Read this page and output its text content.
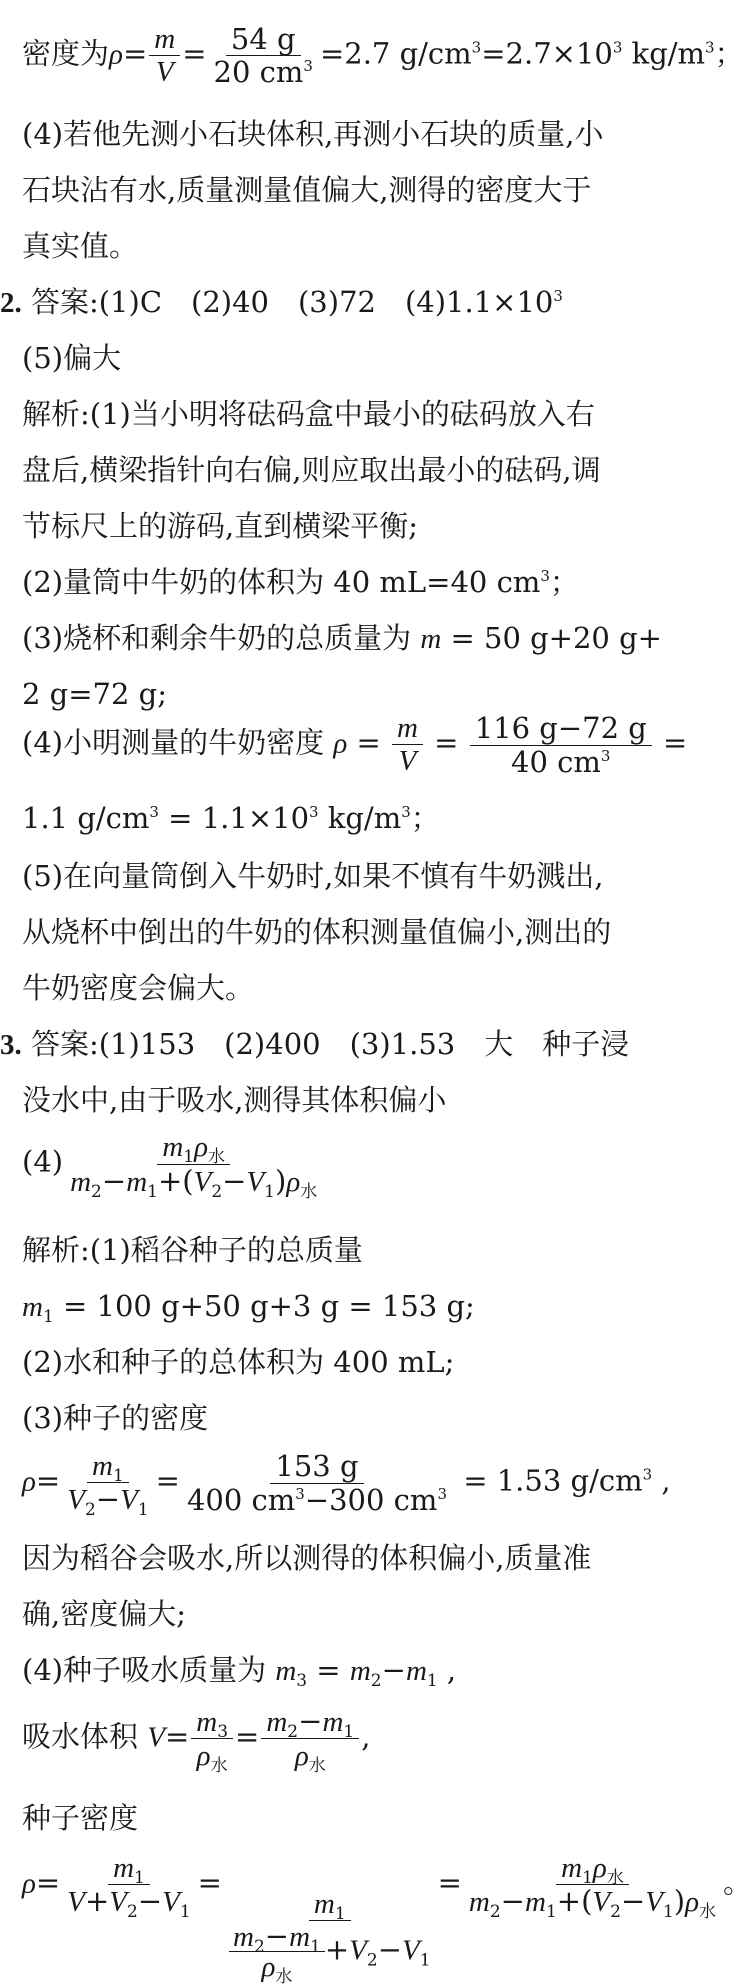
密度为$\rho= \frac{m}{V} = \frac{54 g}{20 cm^3} =2.7$ $g/cm^3=2.7\times 10^3$ $kg/m^3$；
(4)若他先测小石块体积,再测小石块的质量,小
石块沾有水,质量测量值偏大,测得的密度大于
真实值。
2. 答案:(1)C　(2)40　(3)72　$(4)1.1\times 10^3$
(5)偏大
解析:(1)当小明将砝码盒中最小的砝码放入右
盘后,横梁指针向右偏,则应取出最小的砝码,调
节标尺上的游码,直到横梁平衡;
(2)量筒中牛奶的体积为 40 mL=40 $cm^3$；
(3)烧杯和剩余牛奶的总质量为 m = 50 g+20 g+
2 g=72 g;
(4)小明测量的牛奶密度 $\rho = \frac{m}{V} = \frac{116 g-72 g}{40 cm^3}$ =
1.1 $g/cm^3 = 1.1\times 10^3$ $kg/m^3$；
(5)在向量筒倒入牛奶时,如果不慎有牛奶溅出,
从烧杯中倒出的牛奶的体积测量值偏小,测出的
牛奶密度会偏大。
3. 答案:(1)153　(2)400　(3)1.53　大　种子浸
没水中,由于吸水,测得其体积偏小
$(4) \frac{m_1\rho_水}{m_2-m_1+(V_2-V_1)\rho_水}$
解析:(1)稻谷种子的总质量
$m_1 = 100$ g+50 g+3 g = 153 g;
(2)水和种子的总体积为 400 mL;
(3)种子的密度
$\rho= \frac{m_1}{V_2-V_1} = \frac{153 g}{400 cm^3-300 cm^3} = 1.53$ $g/cm^3$ ,
因为稻谷会吸水,所以测得的体积偏小,质量准
确,密度偏大;
(4)种子吸水质量为 $m_3 = m_2-m_1$ ,
吸水体积 $V= \frac{m_3}{\rho_水} = \frac{m_2-m_1}{\rho_水}$ ,
种子密度
$\rho= \frac{m_1}{V+V_2-V_1}$ =
$m_1$
$m_2-m_1$
$\rho_水$
$+V_2-V_1$
= $\frac{m_1\rho_水}{m_2-m_1+(V_2-V_1)\rho_水}$ 。
